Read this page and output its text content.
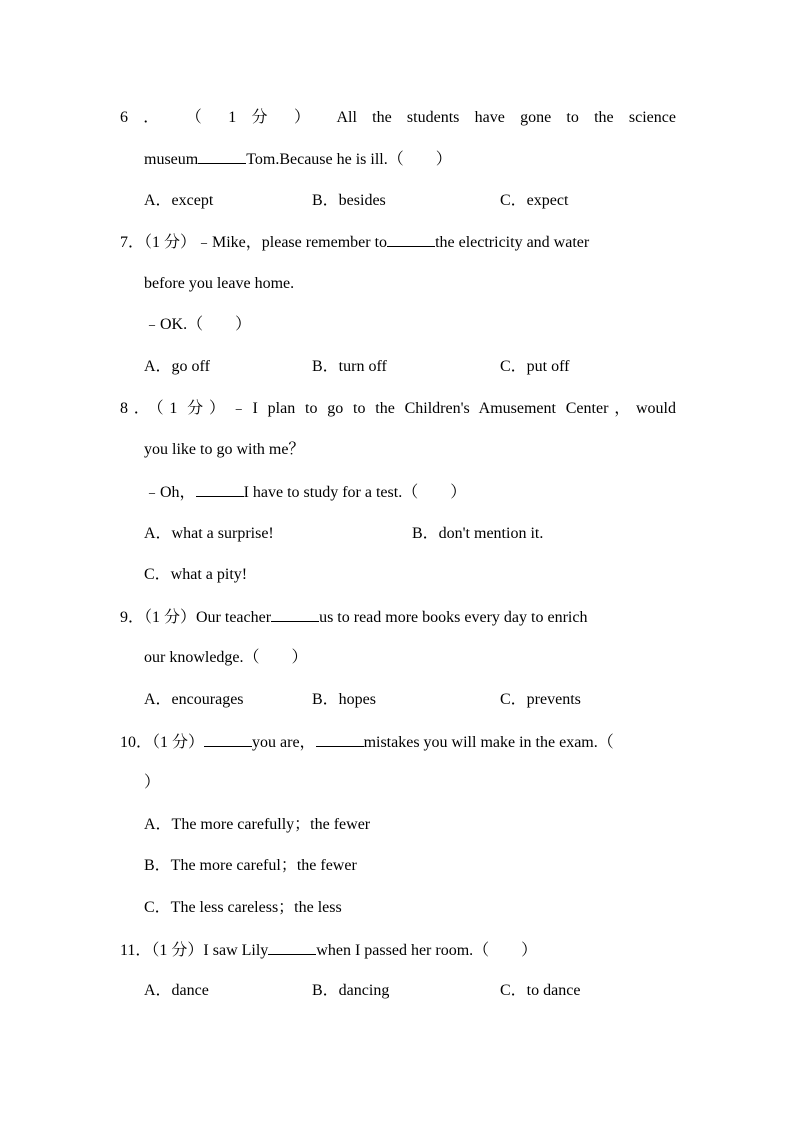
6 ． （ 1 分 ） All the students have gone to the science
museum	Tom.Because he is ill.（　　）
A．except	B．besides	C．expect
7．（1 分）﹣Mike，please remember to	the electricity and water
before you leave home.
﹣OK.（　　）
A．go off	B．turn off	C．put off
8．（1 分）﹣I plan to go to the Children's Amusement Center，would
you like to go with me？
﹣Oh，	I have to study for a test.（　　）
A．what a surprise!	B．don't mention it.
C．what a pity!
9．（1 分）Our teacher	us to read more books every day to enrich
our knowledge.（　　）
A．encourages	B．hopes	C．prevents
10．（1 分）	you are，	mistakes you will make in the exam.（
）
A．The more carefully；the fewer
B．The more careful；the fewer
C．The less careless；the less
11．（1 分）I saw Lily	when I passed her room.（　　）
A．dance	B．dancing	C．to dance
